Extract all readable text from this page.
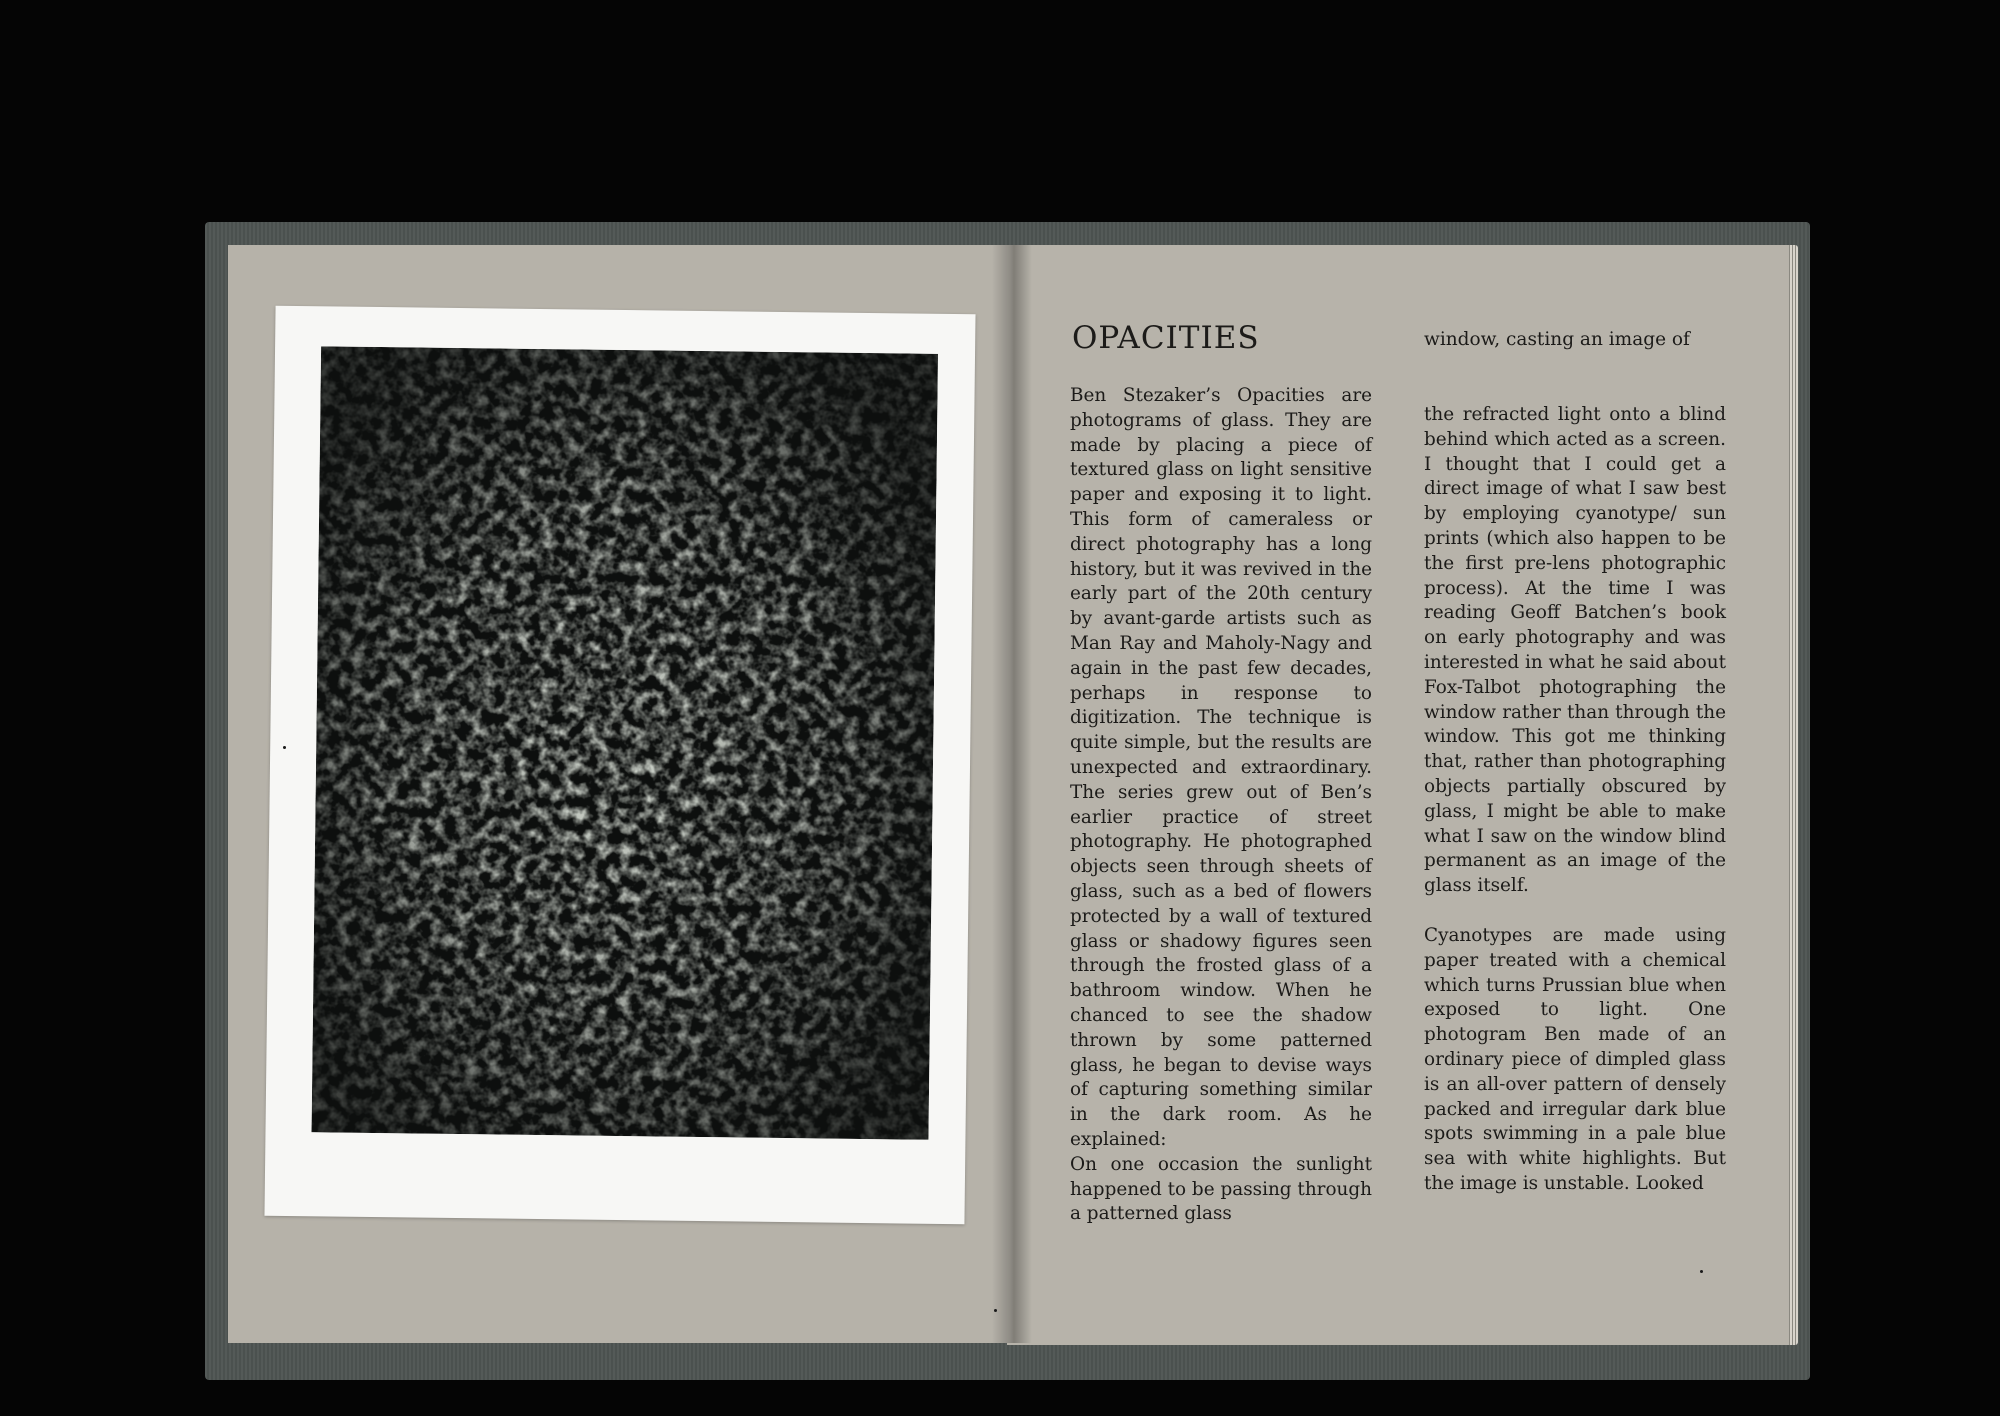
OPACITIES	window, casting an image of

Ben Stezaker’s Opacities are photograms of glass. They are made by placing a piece of textured glass on light sensitive paper and exposing it to light. This form of cameraless or direct photography has a long history, but it was revived in the early part of the 20th century by avant-garde artists such as Man Ray and Maholy-Nagy and again in the past few decades, perhaps in response to digitization. The technique is quite simple, but the results are unexpected and extraordinary. The series grew out of Ben’s earlier practice of street photography. He photographed objects seen through sheets of glass, such as a bed of flowers protected by a wall of textured glass or shadowy figures seen through the frosted glass of a bathroom window. When he chanced to see the shadow thrown by some patterned glass, he began to devise ways of capturing something similar in the dark room. As he explained:

On one occasion the sunlight happened to be passing through a patterned glass

the refracted light onto a blind behind which acted as a screen. I thought that I could get a direct image of what I saw best by employing cyanotype/ sun prints (which also happen to be the first pre-lens photographic process). At the time I was reading Geoff Batchen’s book on early photography and was interested in what he said about Fox-Talbot photographing the window rather than through the window. This got me thinking that, rather than photographing objects partially obscured by glass, I might be able to make what I saw on the window blind permanent as an image of the glass itself.

Cyanotypes are made using paper treated with a chemical which turns Prussian blue when exposed to light. One photogram Ben made of an ordinary piece of dimpled glass is an all-over pattern of densely packed and irregular dark blue spots swimming in a pale blue sea with white highlights. But the image is unstable. Looked
